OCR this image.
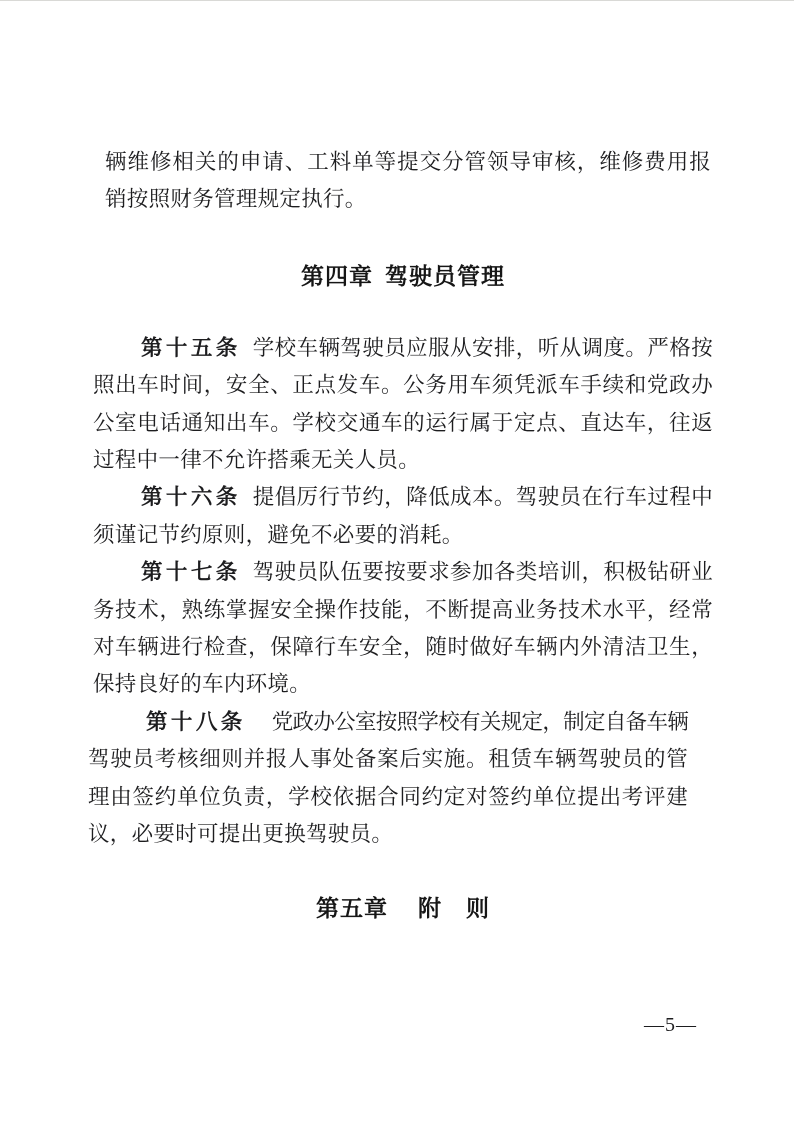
辆维修相关的申请、工料单等提交分管领导审核，维修费用报
销按照财务管理规定执行。
第四章 驾驶员管理
第十五条 学校车辆驾驶员应服从安排，听从调度。严格按
照出车时间，安全、正点发车。公务用车须凭派车手续和党政办
公室电话通知出车。学校交通车的运行属于定点、直达车，往返
过程中一律不允许搭乘无关人员。
第十六条 提倡厉行节约，降低成本。驾驶员在行车过程中
须谨记节约原则，避免不必要的消耗。
第十七条 驾驶员队伍要按要求参加各类培训，积极钻研业
务技术，熟练掌握安全操作技能，不断提高业务技术水平，经常
对车辆进行检查，保障行车安全，随时做好车辆内外清洁卫生，
保持良好的车内环境。
第十八条 党政办公室按照学校有关规定，制定自备车辆
驾驶员考核细则并报人事处备案后实施。租赁车辆驾驶员的管
理由签约单位负责，学校依据合同约定对签约单位提出考评建
议，必要时可提出更换驾驶员。
第五章 附　则
—5—
